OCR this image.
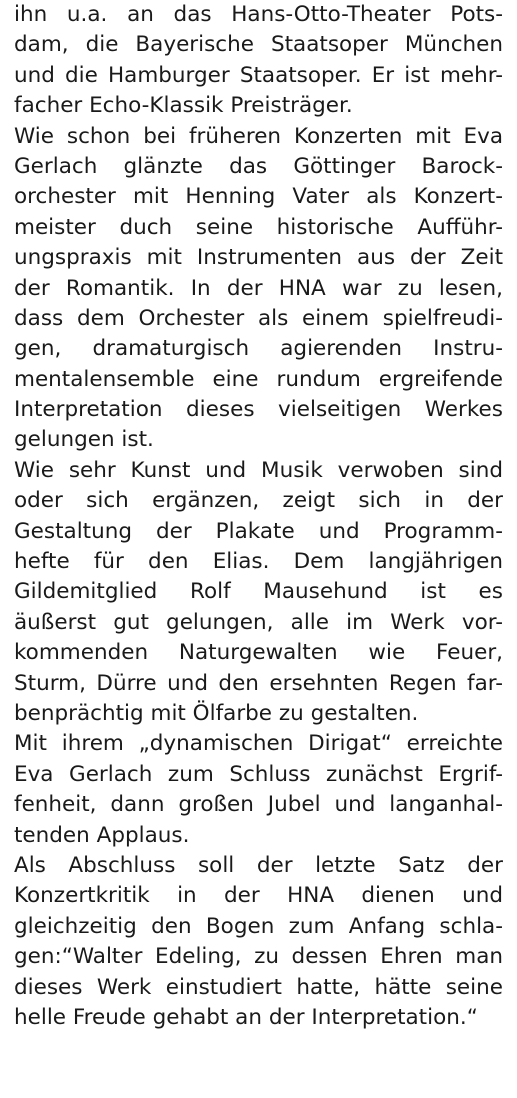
ihn u.a. an das Hans-Otto-Theater Pots-
dam, die Bayerische Staatsoper München
und die Hamburger Staatsoper. Er ist mehr-
facher Echo-Klassik Preisträger.
Wie schon bei früheren Konzerten mit Eva
Gerlach glänzte das Göttinger Barock-
orchester mit Henning Vater als Konzert-
meister duch seine historische Aufführ-
ungspraxis mit Instrumenten aus der Zeit
der Romantik. In der HNA war zu lesen,
dass dem Orchester als einem spielfreudi-
gen, dramaturgisch agierenden Instru-
mentalensemble eine rundum ergreifende
Interpretation dieses vielseitigen Werkes
gelungen ist.
Wie sehr Kunst und Musik verwoben sind
oder sich ergänzen, zeigt sich in der
Gestaltung der Plakate und Programm-
hefte für den Elias. Dem langjährigen
Gildemitglied Rolf Mausehund ist es
äußerst gut gelungen, alle im Werk vor-
kommenden Naturgewalten wie Feuer,
Sturm, Dürre und den ersehnten Regen far-
benprächtig mit Ölfarbe zu gestalten.
Mit ihrem „dynamischen Dirigat“ erreichte
Eva Gerlach zum Schluss zunächst Ergrif-
fenheit, dann großen Jubel und langanhal-
tenden Applaus.
Als Abschluss soll der letzte Satz der
Konzertkritik in der HNA dienen und
gleichzeitig den Bogen zum Anfang schla-
gen:“Walter Edeling, zu dessen Ehren man
dieses Werk einstudiert hatte, hätte seine
helle Freude gehabt an der Interpretation.“
